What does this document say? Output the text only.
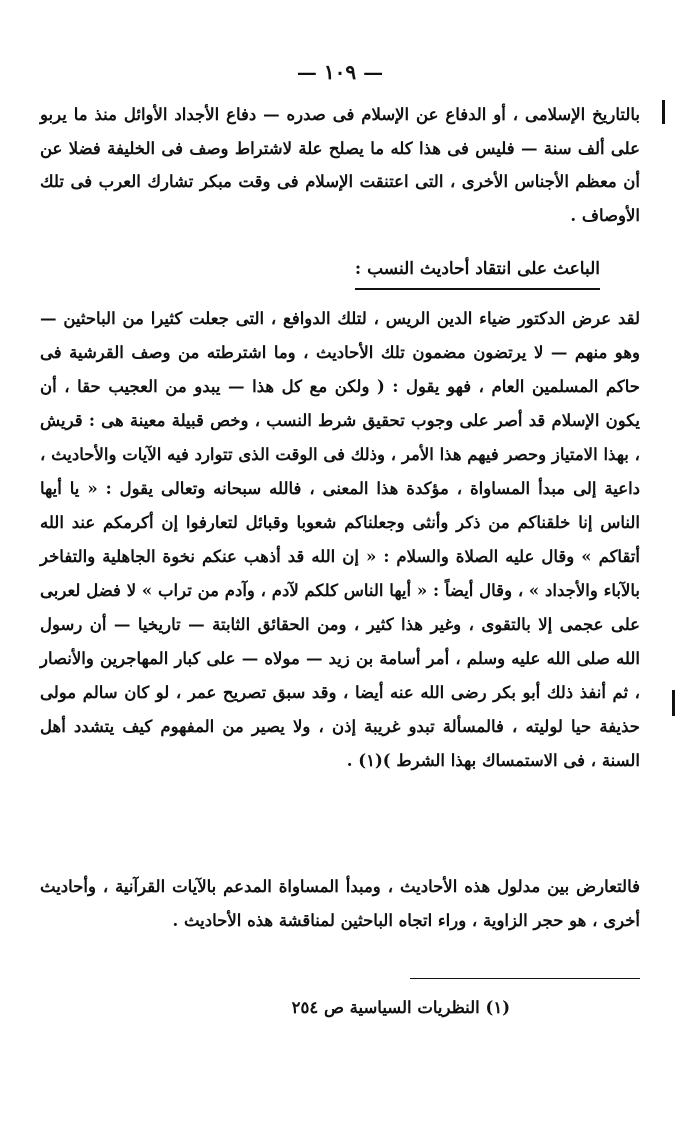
— ١٠٩ —

بالتاريخ الإسلامى ، أو الدفاع عن الإسلام فى صدره — دفاع الأجداد الأوائل منذ ما يربو على ألف سنة — فليس فى هذا كله ما يصلح علة لاشتراط وصف فى الخليفة فضلا عن أن معظم الأجناس الأخرى ، التى اعتنقت الإسلام فى وقت مبكر تشارك العرب فى تلك الأوصاف .

الباعث على انتقاد أحاديث النسب :

لقد عرض الدكتور ضياء الدين الريس ، لتلك الدوافع ، التى جعلت كثيرا من الباحثين — وهو منهم — لا يرتضون مضمون تلك الأحاديث ، وما اشترطته من وصف القرشية فى حاكم المسلمين العام ، فهو يقول : ( ولكن مع كل هذا — يبدو من العجيب حقا ، أن يكون الإسلام قد أصر على وجوب تحقيق شرط النسب ، وخص قبيلة معينة هى : قريش ، بهذا الامتياز وحصر فيهم هذا الأمر ، وذلك فى الوقت الذى تتوارد فيه الآيات والأحاديث ، داعية إلى مبدأ المساواة ، مؤكدة هذا المعنى ، فالله سبحانه وتعالى يقول : « يا أيها الناس إنا خلقناكم من ذكر وأنثى وجعلناكم شعوبا وقبائل لتعارفوا إن أكرمكم عند الله أتقاكم » وقال عليه الصلاة والسلام : « إن الله قد أذهب عنكم نخوة الجاهلية والتفاخر بالآباء والأجداد » ، وقال أيضاً : « أيها الناس كلكم لآدم ، وآدم من تراب » لا فضل لعربى على عجمى إلا بالتقوى ، وغير هذا كثير ، ومن الحقائق الثابتة — تاريخيا — أن رسول الله صلى الله عليه وسلم ، أمر أسامة بن زيد — مولاه — على كبار المهاجرين والأنصار ، ثم أنفذ ذلك أبو بكر رضى الله عنه أيضا ، وقد سبق تصريح عمر ، لو كان سالم مولى حذيفة حيا لوليته ، فالمسألة تبدو غريبة إذن ، ولا يصير من المفهوم كيف يتشدد أهل السنة ، فى الاستمساك بهذا الشرط )(١) .

فالتعارض بين مدلول هذه الأحاديث ، ومبدأ المساواة المدعم بالآيات القرآنية ، وأحاديث أخرى ، هو حجر الزاوية ، وراء اتجاه الباحثين لمناقشة هذه الأحاديث .

(١) النظريات السياسية ص ٢٥٤
